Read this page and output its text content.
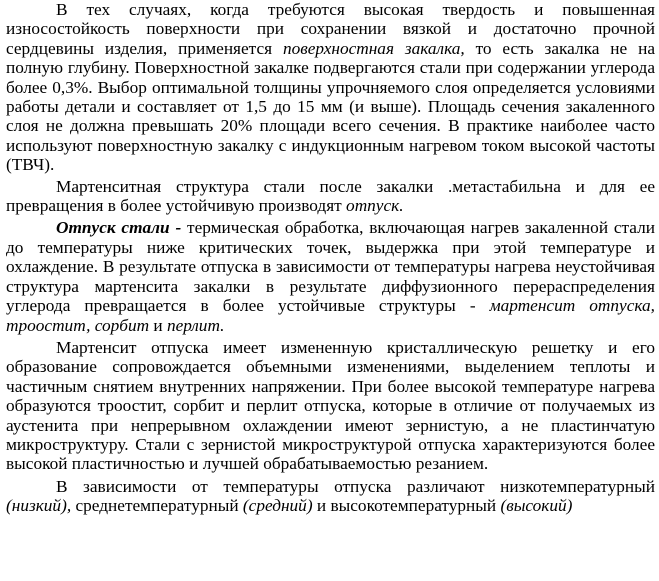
В тех случаях, когда требуются высокая твердость и повышенная износостойкость поверхности при сохранении вязкой и достаточно прочной сердцевины изделия, применяется поверхностная закалка, то есть закалка не на полную глубину. Поверхностной закалке подвергаются стали при содержании углерода более 0,3%. Выбор оптимальной толщины упрочняемого слоя определяется условиями работы детали и составляет от 1,5 до 15 мм (и выше). Площадь сечения закаленного слоя не должна превышать 20% площади всего сечения. В практике наиболее часто используют поверхностную закалку с индукционным нагревом током высокой частоты (ТВЧ).

Мартенситная структура стали после закалки .метастабильна и для ее превращения в более устойчивую производят отпуск.

Отпуск стали - термическая обработка, включающая нагрев закаленной стали до температуры ниже критических точек, выдержка при этой температуре и охлаждение. В результате отпуска в зависимости от температуры нагрева неустойчивая структура мартенсита закалки в результате диффузионного перераспределения углерода превращается в более устойчивые структуры - мартенсит отпуска, троостит, сорбит и перлит.

Мартенсит отпуска имеет измененную кристаллическую решетку и его образование сопровождается объемными изменениями, выделением теплоты и частичным снятием внутренних напряжении. При более высокой температуре нагрева образуются троостит, сорбит и перлит отпуска, которые в отличие от получаемых из аустенита при непрерывном охлаждении имеют зернистую, а не пластинчатую микроструктуру. Стали с зернистой микроструктурой отпуска характеризуются более высокой пластичностью и лучшей обрабатываемостью резанием.

В зависимости от температуры отпуска различают низкотемпературный (низкий), среднетемпературный (средний) и высокотемпературный (высокий)
